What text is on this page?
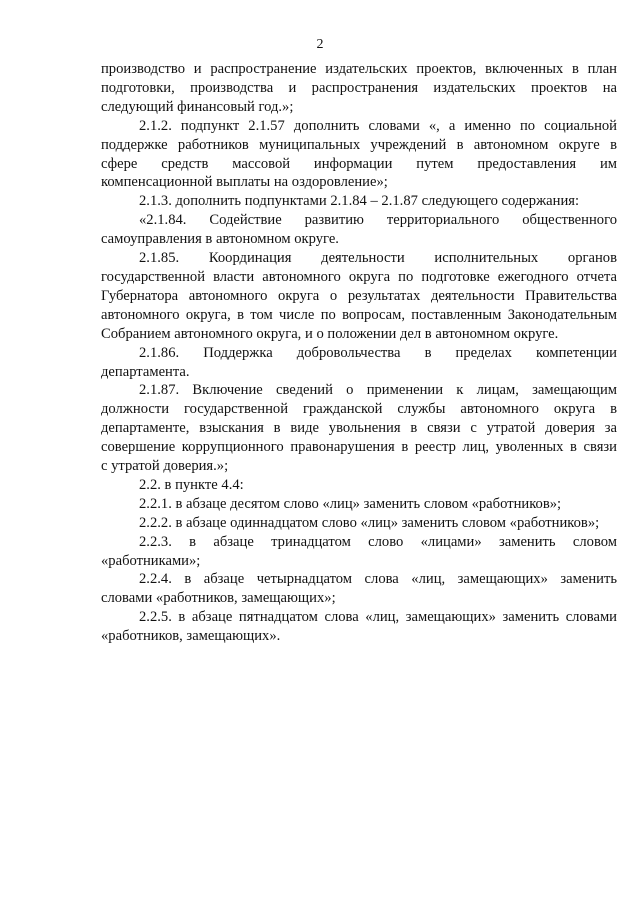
2

производство и распространение издательских проектов, включенных в план
подготовки, производства и распространения издательских проектов на
следующий финансовый год.»;

2.1.2. подпункт 2.1.57 дополнить словами «, а именно по социальной
поддержке работников муниципальных учреждений в автономном округе в
сфере средств массовой информации путем предоставления им
компенсационной выплаты на оздоровление»;

2.1.3. дополнить подпунктами 2.1.84 – 2.1.87 следующего содержания:

«2.1.84. Содействие развитию территориального общественного
самоуправления в автономном округе.

2.1.85. Координация деятельности исполнительных органов
государственной власти автономного округа по подготовке ежегодного отчета
Губернатора автономного округа о результатах деятельности Правительства
автономного округа, в том числе по вопросам, поставленным Законодательным
Собранием автономного округа, и о положении дел в автономном округе.

2.1.86. Поддержка добровольчества в пределах компетенции
департамента.

2.1.87. Включение сведений о применении к лицам, замещающим
должности государственной гражданской службы автономного округа в
департаменте, взыскания в виде увольнения в связи с утратой доверия за
совершение коррупционного правонарушения в реестр лиц, уволенных в связи
с утратой доверия.»;

2.2. в пункте 4.4:

2.2.1. в абзаце десятом слово «лиц» заменить словом «работников»;

2.2.2. в абзаце одиннадцатом слово «лиц» заменить словом «работников»;

2.2.3. в абзаце тринадцатом слово «лицами» заменить словом
«работниками»;

2.2.4. в абзаце четырнадцатом слова «лиц, замещающих» заменить
словами «работников, замещающих»;

2.2.5. в абзаце пятнадцатом слова «лиц, замещающих» заменить словами
«работников, замещающих».
